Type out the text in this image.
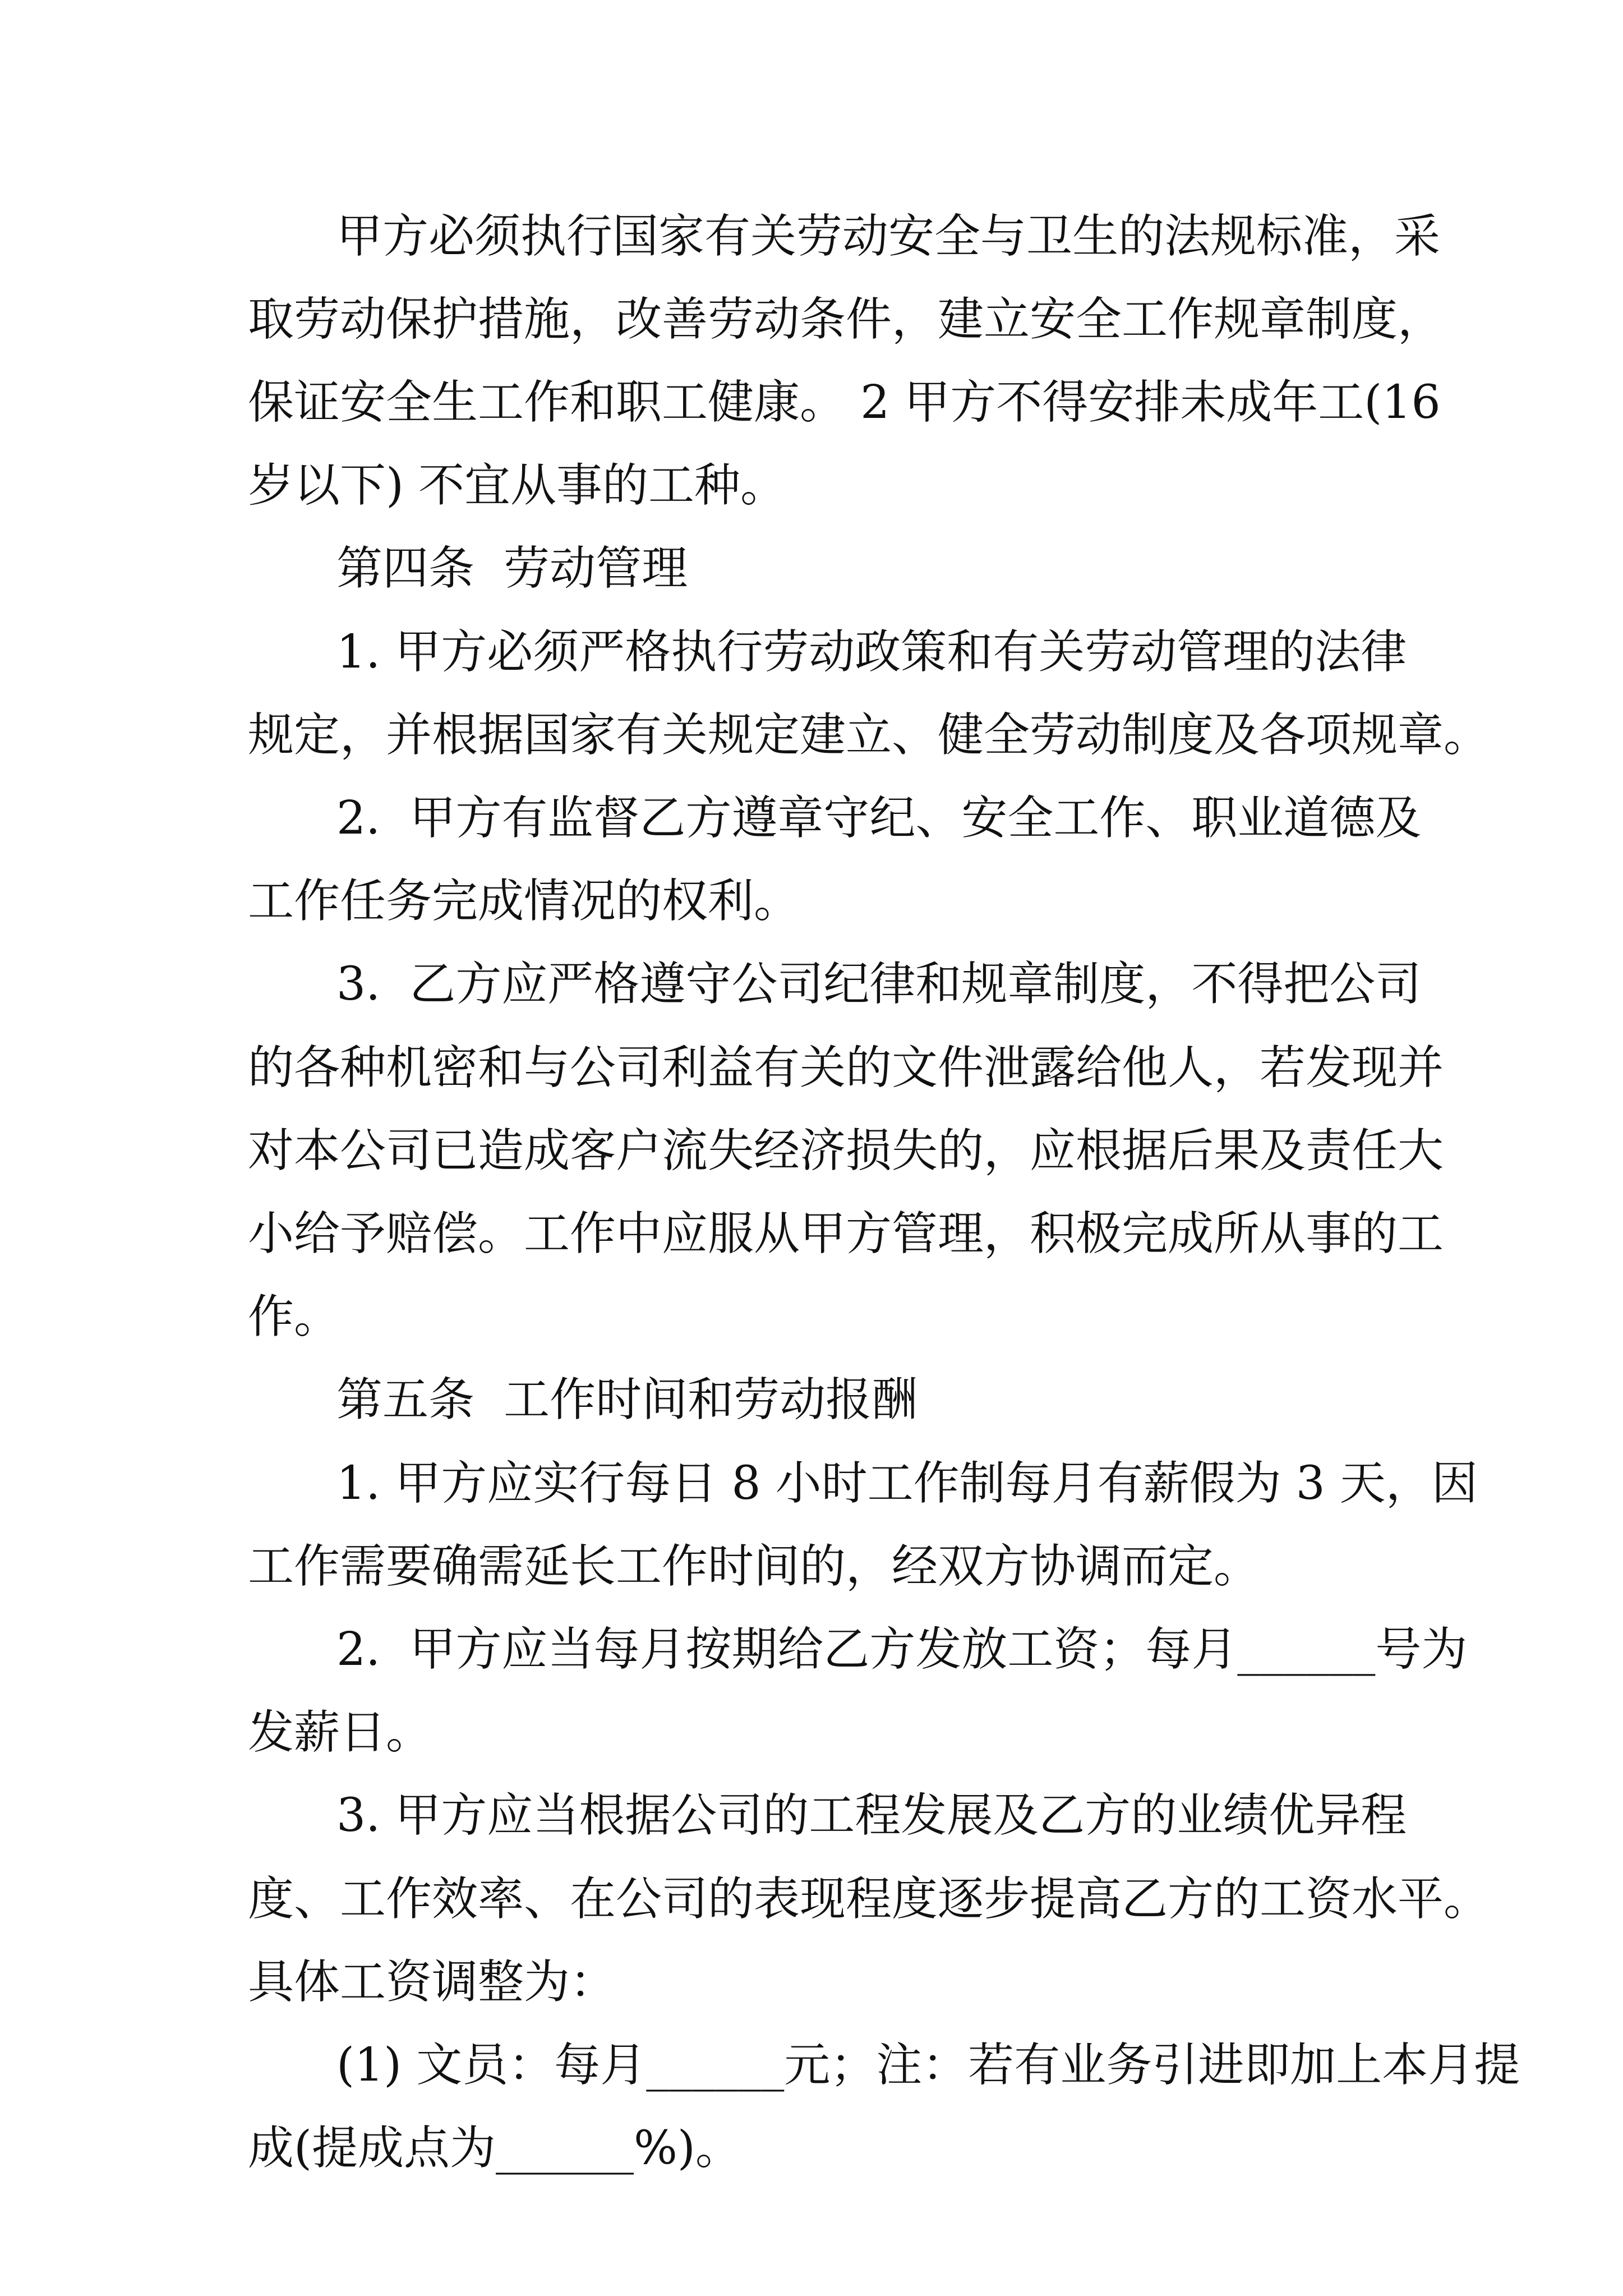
甲方必须执行国家有关劳动安全与卫生的法规标准，采
取劳动保护措施，改善劳动条件，建立安全工作规章制度，
保证安全生工作和职工健康。 2 甲方不得安排未成年工(16
岁以下) 不宜从事的工种。
第四条  劳动管理
1. 甲方必须严格执行劳动政策和有关劳动管理的法律
规定，并根据国家有关规定建立、健全劳动制度及各项规章。
2.  甲方有监督乙方遵章守纪、安全工作、职业道德及
工作任务完成情况的权利。
3.  乙方应严格遵守公司纪律和规章制度，不得把公司
的各种机密和与公司利益有关的文件泄露给他人，若发现并
对本公司已造成客户流失经济损失的，应根据后果及责任大
小给予赔偿。工作中应服从甲方管理，积极完成所从事的工
作。
第五条  工作时间和劳动报酬
1. 甲方应实行每日 8 小时工作制每月有薪假为 3 天，因
工作需要确需延长工作时间的，经双方协调而定。
2.  甲方应当每月按期给乙方发放工资；每月______号为
发薪日。
3. 甲方应当根据公司的工程发展及乙方的业绩优异程
度、工作效率、在公司的表现程度逐步提高乙方的工资水平。
具体工资调整为：
(1) 文员：每月______元；注：若有业务引进即加上本月提
成(提成点为______%)。
